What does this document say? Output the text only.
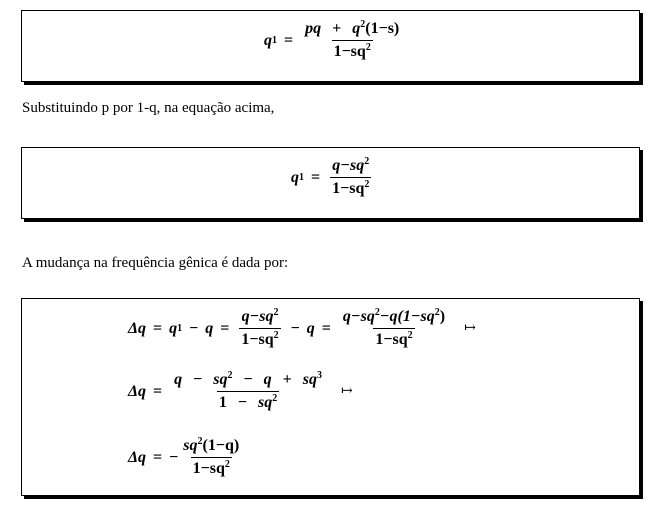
Substituindo p por 1-q, na equação acima,
A mudança na frequência gênica é dada por:
q $1 = \frac{pq + q^2(1-s)}{1-sq^2}$
q $1 = \frac{q-sq^2}{1-sq^2}$
Δq = q $1 - q = \frac{q-sq^2}{1-sq^2} - q = \frac{q-sq^2-q(1-sq^2)}{1-sq^2}$ ↦
$\Delta q = \frac{q - sq^2 - q + sq^3}{1 - sq^2}$ ↦
Δq = − $\frac{sq^2(1-q)}{1-sq^2}$
